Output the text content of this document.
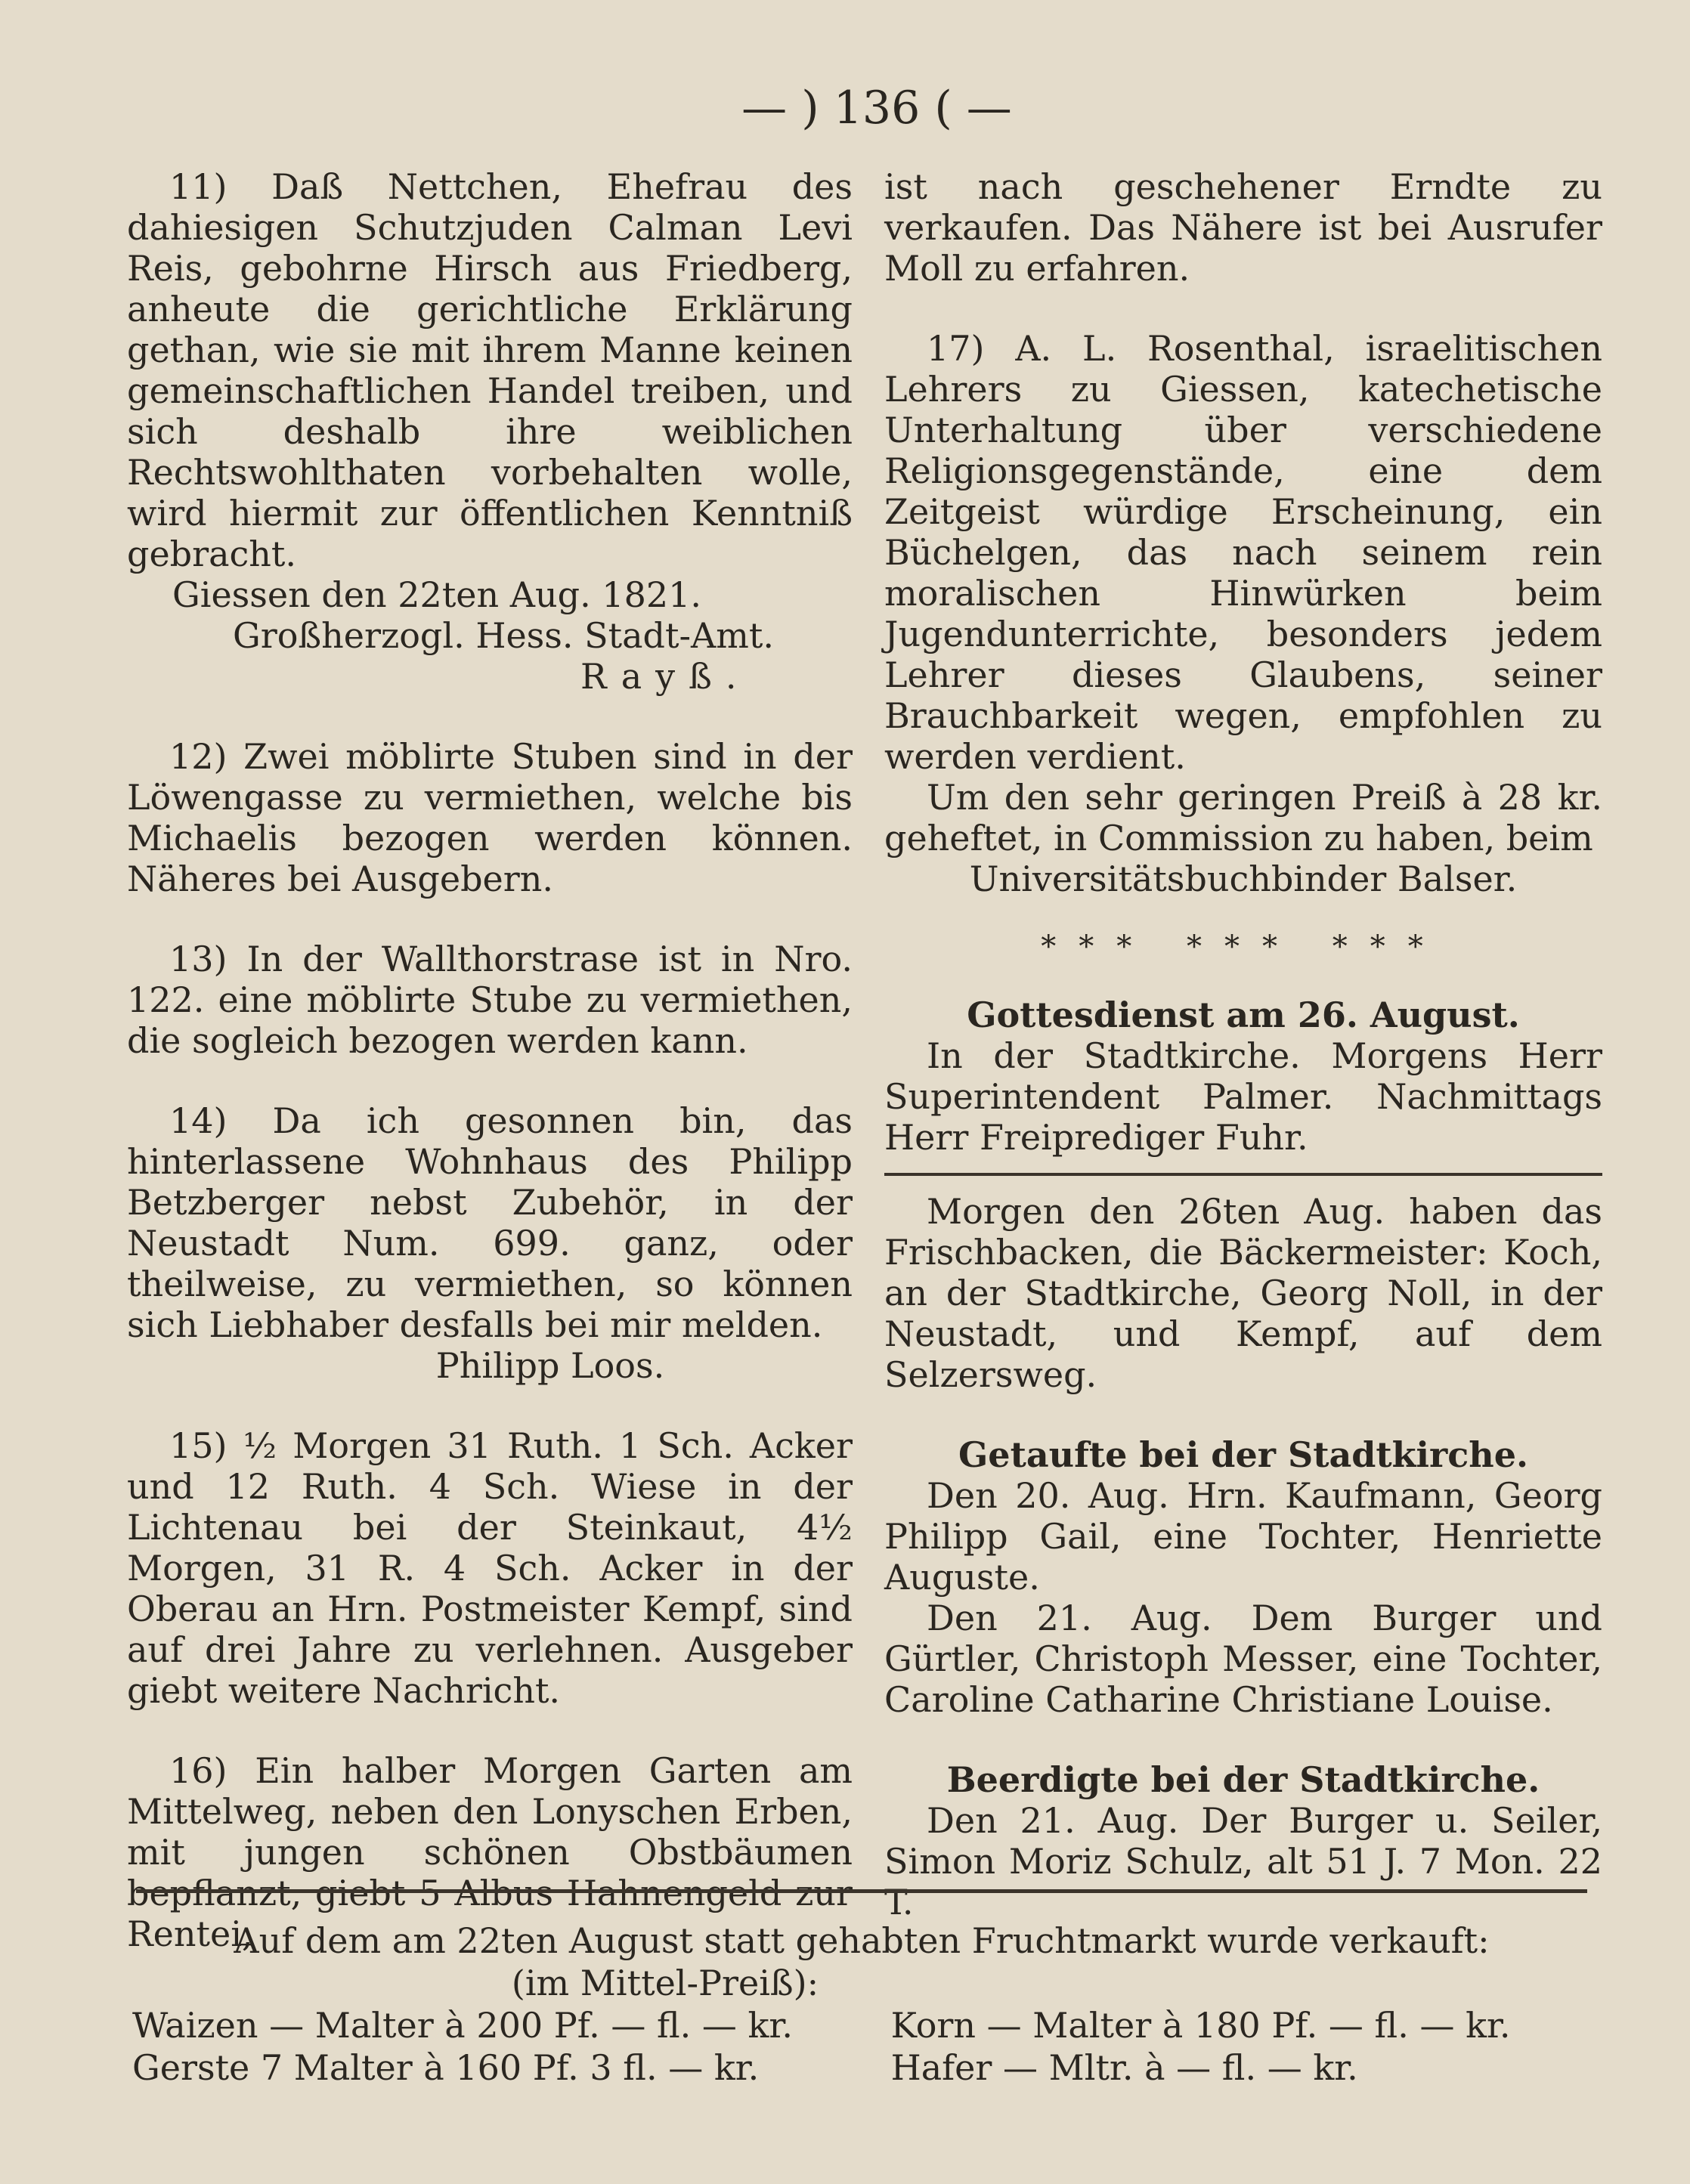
— ) 136 ( —

11) Daß Nettchen, Ehefrau des dahiesigen Schutzjuden Calman Levi Reis, gebohrne Hirsch aus Friedberg, anheute die gerichtliche Erklärung gethan, wie sie mit ihrem Manne keinen gemeinschaftlichen Handel treiben, und sich deshalb ihre weiblichen Rechtswohlthaten vorbehalten wolle, wird hiermit zur öffentlichen Kenntniß gebracht.

Giessen den 22ten Aug. 1821.

Großherzogl. Hess. Stadt-Amt.

Rayß.

12) Zwei möblirte Stuben sind in der Löwengasse zu vermiethen, welche bis Michaelis bezogen werden können. Näheres bei Ausgebern.

13) In der Wallthorstrase ist in Nro. 122. eine möblirte Stube zu vermiethen, die sogleich bezogen werden kann.

14) Da ich gesonnen bin, das hinterlassene Wohnhaus des Philipp Betzberger nebst Zubehör, in der Neustadt Num. 699. ganz, oder theilweise, zu vermiethen, so können sich Liebhaber desfalls bei mir melden.

Philipp Loos.

15) ½ Morgen 31 Ruth. 1 Sch. Acker und 12 Ruth. 4 Sch. Wiese in der Lichtenau bei der Steinkaut, 4½ Morgen, 31 R. 4 Sch. Acker in der Oberau an Hrn. Postmeister Kempf, sind auf drei Jahre zu verlehnen. Ausgeber giebt weitere Nachricht.

16) Ein halber Morgen Garten am Mittelweg, neben den Lonyschen Erben, mit jungen schönen Obstbäumen bepflanzt, giebt 5 Albus Hahnengeld zur Rentei,

ist nach geschehener Erndte zu verkaufen. Das Nähere ist bei Ausrufer Moll zu erfahren.

17) A. L. Rosenthal, israelitischen Lehrers zu Giessen, katechetische Unterhaltung über verschiedene Religionsgegenstände, eine dem Zeitgeist würdige Erscheinung, ein Büchelgen, das nach seinem rein moralischen Hinwürken beim Jugendunterrichte, besonders jedem Lehrer dieses Glaubens, seiner Brauchbarkeit wegen, empfohlen zu werden verdient.

Um den sehr geringen Preiß à 28 kr. geheftet, in Commission zu haben, beim

Universitätsbuchbinder Balser.

*** *** ***

Gottesdienst am 26. August.

In der Stadtkirche. Morgens Herr Superintendent Palmer. Nachmittags Herr Freiprediger Fuhr.

Morgen den 26ten Aug. haben das Frischbacken, die Bäckermeister: Koch, an der Stadtkirche, Georg Noll, in der Neustadt, und Kempf, auf dem Selzersweg.

Getaufte bei der Stadtkirche.

Den 20. Aug. Hrn. Kaufmann, Georg Philipp Gail, eine Tochter, Henriette Auguste.

Den 21. Aug. Dem Burger und Gürtler, Christoph Messer, eine Tochter, Caroline Catharine Christiane Louise.

Beerdigte bei der Stadtkirche.

Den 21. Aug. Der Burger u. Seiler, Simon Moriz Schulz, alt 51 J. 7 Mon. 22 T.

Auf dem am 22ten August statt gehabten Fruchtmarkt wurde verkauft:

(im Mittel-Preiß):

Waizen — Malter à 200 Pf. — fl. — kr.	Korn — Malter à 180 Pf. — fl. — kr.
Gerste 7 Malter à 160 Pf. 3 fl. — kr.	Hafer — Mltr. à — fl. — kr.
